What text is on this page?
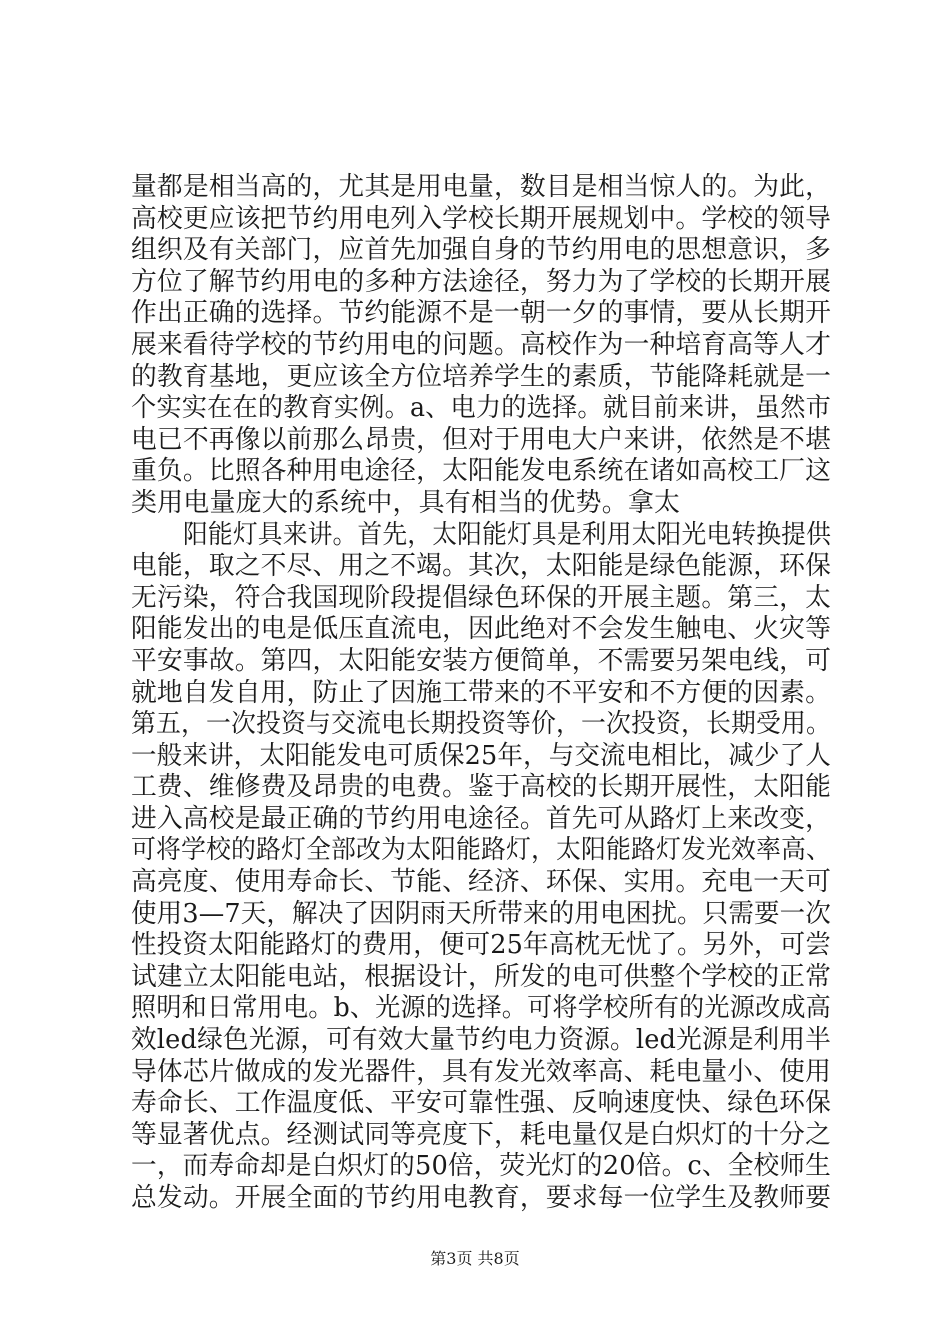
量都是相当高的，尤其是用电量，数目是相当惊人的。为此，
高校更应该把节约用电列入学校长期开展规划中。学校的领导
组织及有关部门，应首先加强自身的节约用电的思想意识，多
方位了解节约用电的多种方法途径，努力为了学校的长期开展
作出正确的选择。节约能源不是一朝一夕的事情，要从长期开
展来看待学校的节约用电的问题。高校作为一种培育高等人才
的教育基地，更应该全方位培养学生的素质，节能降耗就是一
个实实在在的教育实例。a、电力的选择。就目前来讲，虽然市
电已不再像以前那么昂贵，但对于用电大户来讲，依然是不堪
重负。比照各种用电途径，太阳能发电系统在诸如高校工厂这
类用电量庞大的系统中，具有相当的优势。拿太
阳能灯具来讲。首先，太阳能灯具是利用太阳光电转换提供
电能，取之不尽、用之不竭。其次，太阳能是绿色能源，环保
无污染，符合我国现阶段提倡绿色环保的开展主题。第三，太
阳能发出的电是低压直流电，因此绝对不会发生触电、火灾等
平安事故。第四，太阳能安装方便简单，不需要另架电线，可
就地自发自用，防止了因施工带来的不平安和不方便的因素。
第五，一次投资与交流电长期投资等价，一次投资，长期受用。
一般来讲，太阳能发电可质保25年，与交流电相比，减少了人
工费、维修费及昂贵的电费。鉴于高校的长期开展性，太阳能
进入高校是最正确的节约用电途径。首先可从路灯上来改变，
可将学校的路灯全部改为太阳能路灯，太阳能路灯发光效率高、
高亮度、使用寿命长、节能、经济、环保、实用。充电一天可
使用3—7天，解决了因阴雨天所带来的用电困扰。只需要一次
性投资太阳能路灯的费用，便可25年高枕无忧了。另外，可尝
试建立太阳能电站，根据设计，所发的电可供整个学校的正常
照明和日常用电。b、光源的选择。可将学校所有的光源改成高
效led绿色光源，可有效大量节约电力资源。led光源是利用半
导体芯片做成的发光器件，具有发光效率高、耗电量小、使用
寿命长、工作温度低、平安可靠性强、反响速度快、绿色环保
等显著优点。经测试同等亮度下，耗电量仅是白炽灯的十分之
一，而寿命却是白炽灯的50倍，荧光灯的20倍。c、全校师生
总发动。开展全面的节约用电教育，要求每一位学生及教师要
第3页 共8页
